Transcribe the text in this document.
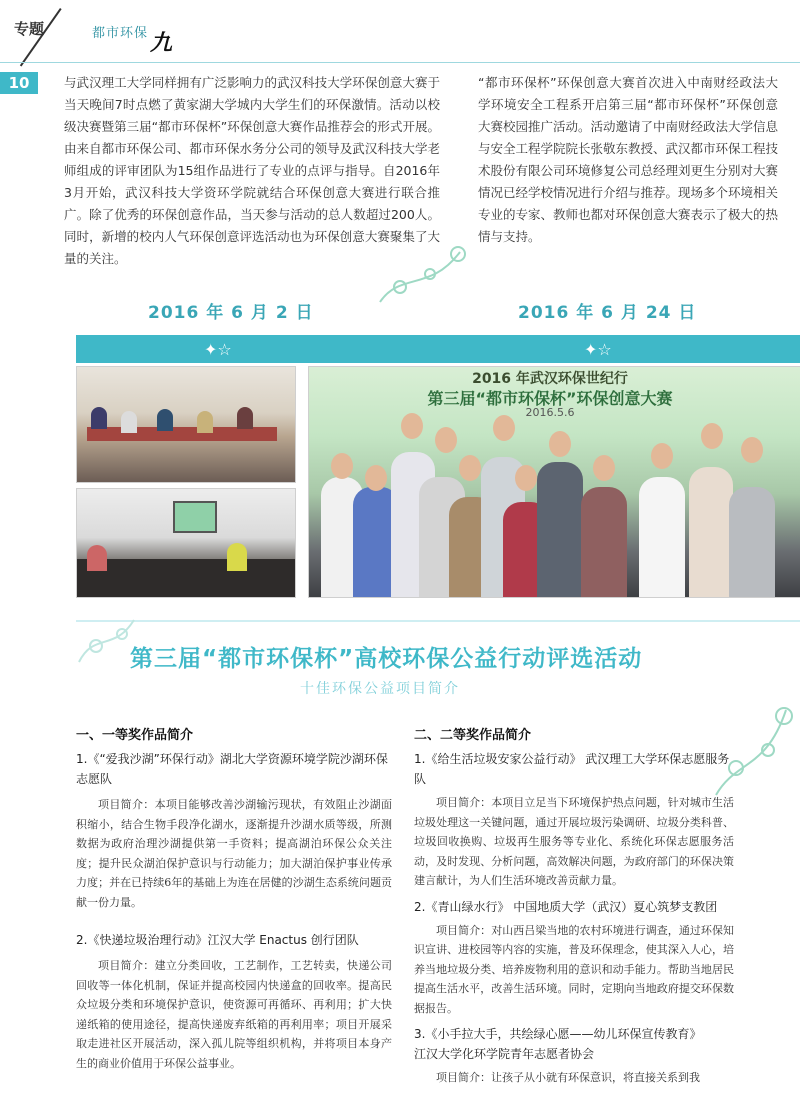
专题	都市环保 九
10	与武汉理工大学同样拥有广泛影响力的武汉科技大学环保创意大赛于当天晚间7时点燃了黄家湖大学城内大学生们的环保激情。活动以校级决赛暨第三届“都市环保杯”环保创意大赛作品推荐会的形式开展。由来自都市环保公司、都市环保水务分公司的领导及武汉科技大学老师组成的评审团队为15组作品进行了专业的点评与指导。自2016年3月开始，武汉科技大学资环学院就结合环保创意大赛进行联合推广。除了优秀的环保创意作品，当天参与活动的总人数超过200人。同时，新增的校内人气环保创意评选活动也为环保创意大赛聚集了大量的关注。
“都市环保杯”环保创意大赛首次进入中南财经政法大学环境安全工程系开启第三届“都市环保杯”环保创意大赛校园推广活动。活动邀请了中南财经政法大学信息与安全工程学院院长张敬东教授、武汉都市环保工程技术股份有限公司环境修复公司总经理刘更生分别对大赛情况已经学校情况进行介绍与推荐。现场多个环境相关专业的专家、教师也都对环保创意大赛表示了极大的热情与支持。
2016 年 6 月 2 日	2016 年 6 月 24 日
✦☆	✦☆
2016 年武汉环保世纪行
第三届“都市环保杯”环保创意大赛
2016.5.6
第三届“都市环保杯”高校环保公益行动评选活动
十佳环保公益项目简介
一、一等奖作品简介
1.《“爱我沙湖”环保行动》湖北大学资源环境学院沙湖环保志愿队
项目简介：本项目能够改善沙湖输污现状，有效阻止沙湖面积缩小，结合生物手段净化湖水，逐渐提升沙湖水质等级，所测数据为政府治理沙湖提供第一手资料；提高湖泊环保公众关注度；提升民众湖泊保护意识与行动能力；加大湖泊保护事业传承力度；并在已持续6年的基础上为连在居健的沙湖生态系统问题贡献一份力量。
2.《快递垃圾治理行动》江汉大学 Enactus 创行团队
项目简介：建立分类回收，工艺制作，工艺转卖，快递公司回收等一体化机制，保证并提高校园内快递盒的回收率。提高民众垃圾分类和环境保护意识，使资源可再循环、再利用；扩大快递纸箱的使用途径，提高快递废弃纸箱的再利用率；项目开展采取走进社区开展活动，深入孤儿院等组织机构，并将项目本身产生的商业价值用于环保公益事业。
二、二等奖作品简介
1.《给生活垃圾安家公益行动》 武汉理工大学环保志愿服务队
项目简介：本项目立足当下环境保护热点问题，针对城市生活垃圾处理这一关键问题，通过开展垃圾污染调研、垃圾分类科普、垃圾回收换购、垃圾再生服务等专业化、系统化环保志愿服务活动，及时发现、分析问题，高效解决问题，为政府部门的环保决策建言献计，为人们生活环境改善贡献力量。
2.《青山绿水行》 中国地质大学（武汉）夏心筑梦支教团
项目简介：对山西吕梁当地的农村环境进行调查，通过环保知识宣讲、进校园等内容的实施，普及环保理念，使其深入人心，培养当地垃圾分类、培养废物利用的意识和动手能力。帮助当地居民提高生活水平，改善生活环境。同时，定期向当地政府提交环保数据报告。
3.《小手拉大手，共绘绿心愿——幼儿环保宣传教育》
江汉大学化环学院青年志愿者协会
项目简介：让孩子从小就有环保意识，将直接关系到我
